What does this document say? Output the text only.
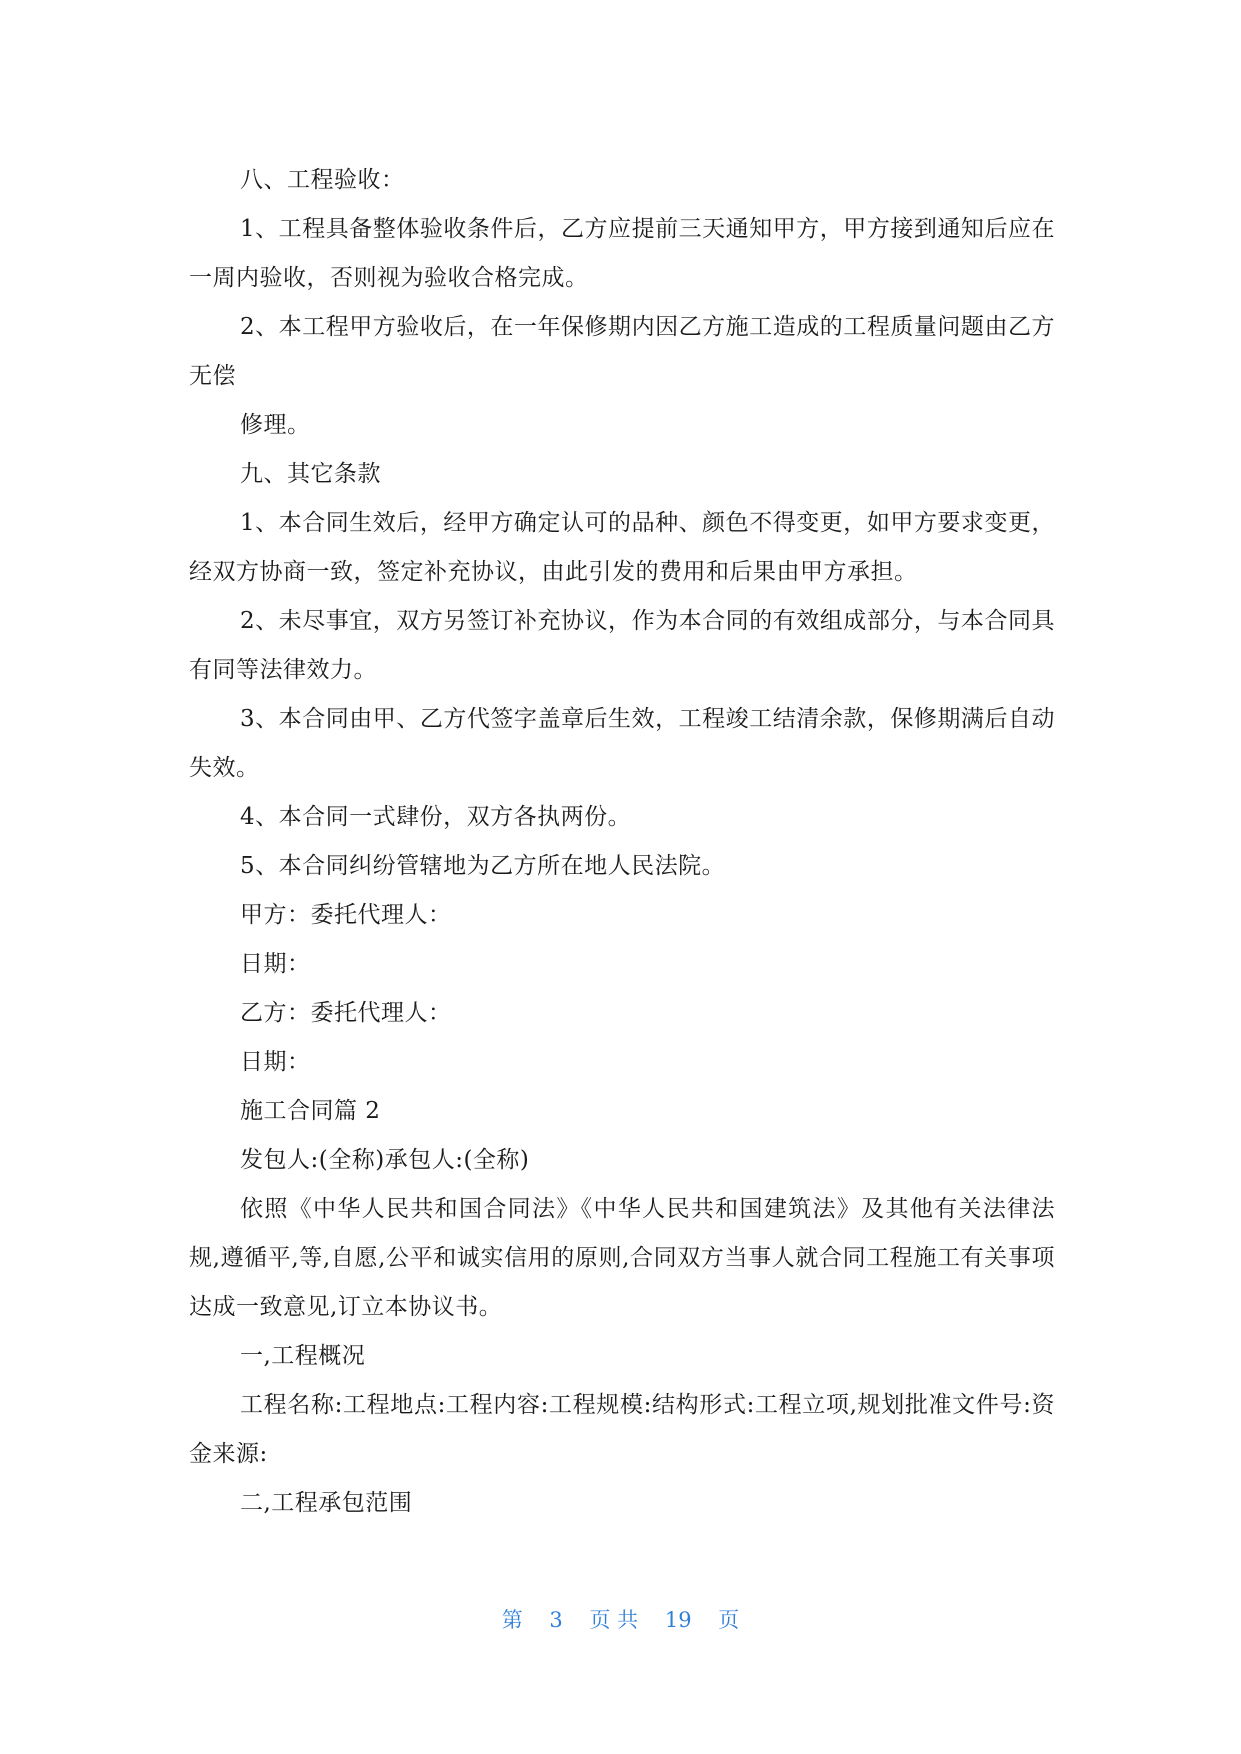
八、工程验收：

1、工程具备整体验收条件后，乙方应提前三天通知甲方，甲方接到通知后应在一周内验收，否则视为验收合格完成。

2、本工程甲方验收后，在一年保修期内因乙方施工造成的工程质量问题由乙方无偿

修理。

九、其它条款

1、本合同生效后，经甲方确定认可的品种、颜色不得变更，如甲方要求变更，经双方协商一致，签定补充协议，由此引发的费用和后果由甲方承担。

2、未尽事宜，双方另签订补充协议，作为本合同的有效组成部分，与本合同具有同等法律效力。

3、本合同由甲、乙方代签字盖章后生效，工程竣工结清余款，保修期满后自动失效。

4、本合同一式肆份，双方各执两份。

5、本合同纠纷管辖地为乙方所在地人民法院。

甲方：委托代理人：

日期：

乙方：委托代理人：

日期：

施工合同篇 2

发包人:(全称)承包人:(全称)

依照《中华人民共和国合同法》《中华人民共和国建筑法》及其他有关法律法规,遵循平,等,自愿,公平和诚实信用的原则,合同双方当事人就合同工程施工有关事项达成一致意见,订立本协议书。

一,工程概况

工程名称:工程地点:工程内容:工程规模:结构形式:工程立项,规划批准文件号:资金来源:

二,工程承包范围

第 3 页 共 19 页
